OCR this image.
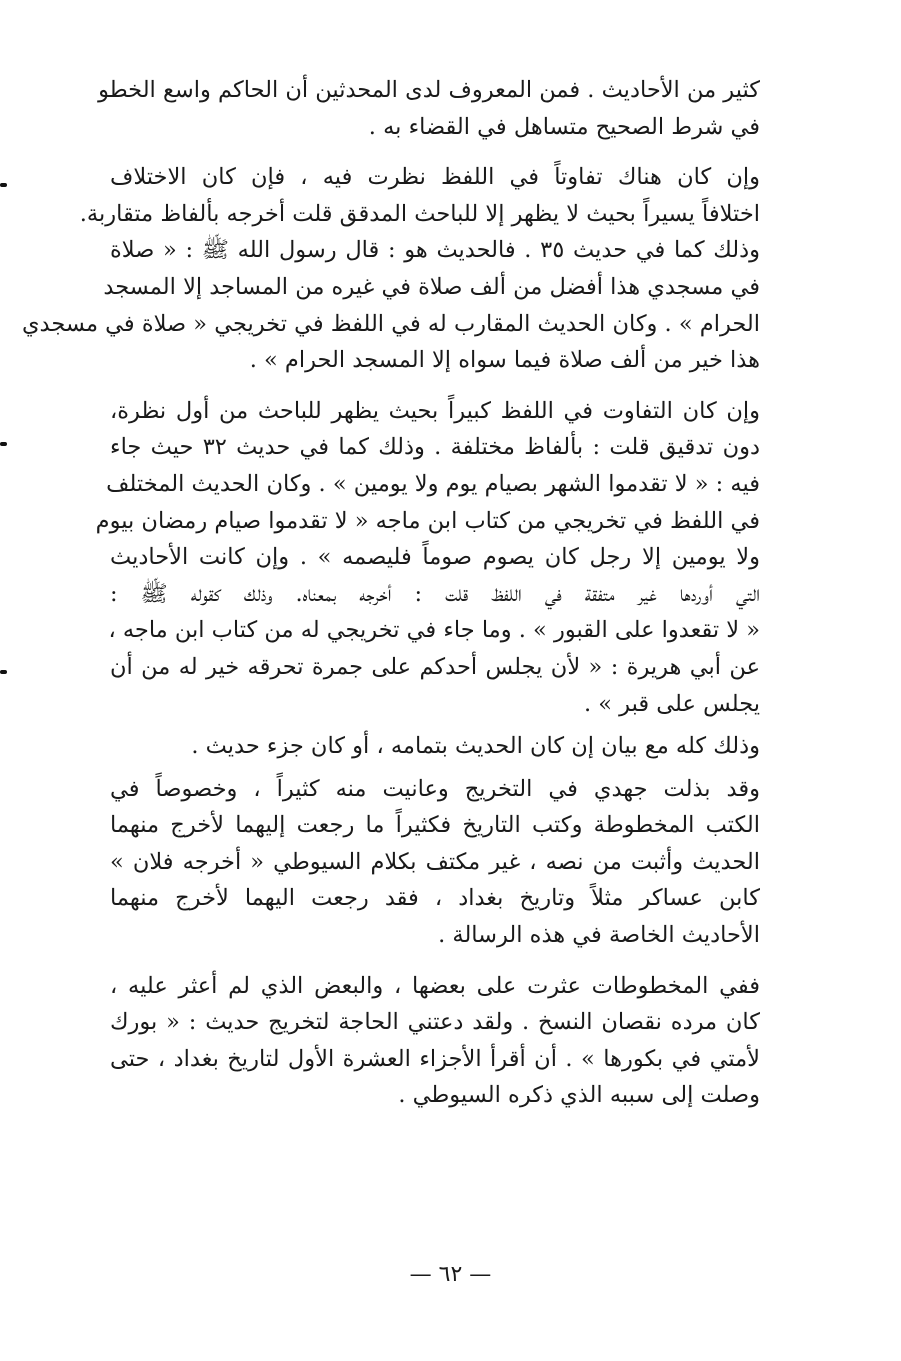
كثير من الأحاديث . فمن المعروف لدى المحدثين أن الحاكم واسع الخطو
في شرط الصحيح متساهل في القضاء به .

وإن كان هناك تفاوتاً في اللفظ نظرت فيه ، فإن كان الاختلاف
اختلافاً يسيراً بحيث لا يظهر إلا للباحث المدقق قلت أخرجه بألفاظ متقاربة.
وذلك كما في حديث ٣٥ . فالحديث هو : قال رسول الله ﷺ : « صلاة
في مسجدي هذا أفضل من ألف صلاة في غيره من المساجد إلا المسجد
الحرام » . وكان الحديث المقارب له في اللفظ في تخريجي « صلاة في مسجدي
هذا خير من ألف صلاة فيما سواه إلا المسجد الحرام » .

وإن كان التفاوت في اللفظ كبيراً بحيث يظهر للباحث من أول نظرة،
دون تدقيق قلت : بألفاظ مختلفة . وذلك كما في حديث ٣٢ حيث جاء
فيه : « لا تقدموا الشهر بصيام يوم ولا يومين » . وكان الحديث المختلف
في اللفظ في تخريجي من كتاب ابن ماجه « لا تقدموا صيام رمضان بيوم
ولا يومين إلا رجل كان يصوم صوماً فليصمه » . وإن كانت الأحاديث
التي أوردها غير متفقة في اللفظ قلت : أخرجه بمعناه. وذلك كقوله ﷺ :
« لا تقعدوا على القبور » . وما جاء في تخريجي له من كتاب ابن ماجه ،
عن أبي هريرة : « لأن يجلس أحدكم على جمرة تحرقه خير له من أن
يجلس على قبر » .

وذلك كله مع بيان إن كان الحديث بتمامه ، أو كان جزء حديث .

وقد بذلت جهدي في التخريج وعانيت منه كثيراً ، وخصوصاً في
الكتب المخطوطة وكتب التاريخ فكثيراً ما رجعت إليهما لأخرج منهما
الحديث وأثبت من نصه ، غير مكتف بكلام السيوطي « أخرجه فلان »
كابن عساكر مثلاً وتاريخ بغداد ، فقد رجعت اليهما لأخرج منهما
الأحاديث الخاصة في هذه الرسالة .

ففي المخطوطات عثرت على بعضها ، والبعض الذي لم أعثر عليه ،
كان مرده نقصان النسخ . ولقد دعتني الحاجة لتخريج حديث : « بورك
لأمتي في بكورها » . أن أقرأ الأجزاء العشرة الأول لتاريخ بغداد ، حتى
وصلت إلى سببه الذي ذكره السيوطي .

— ٦٢ —
